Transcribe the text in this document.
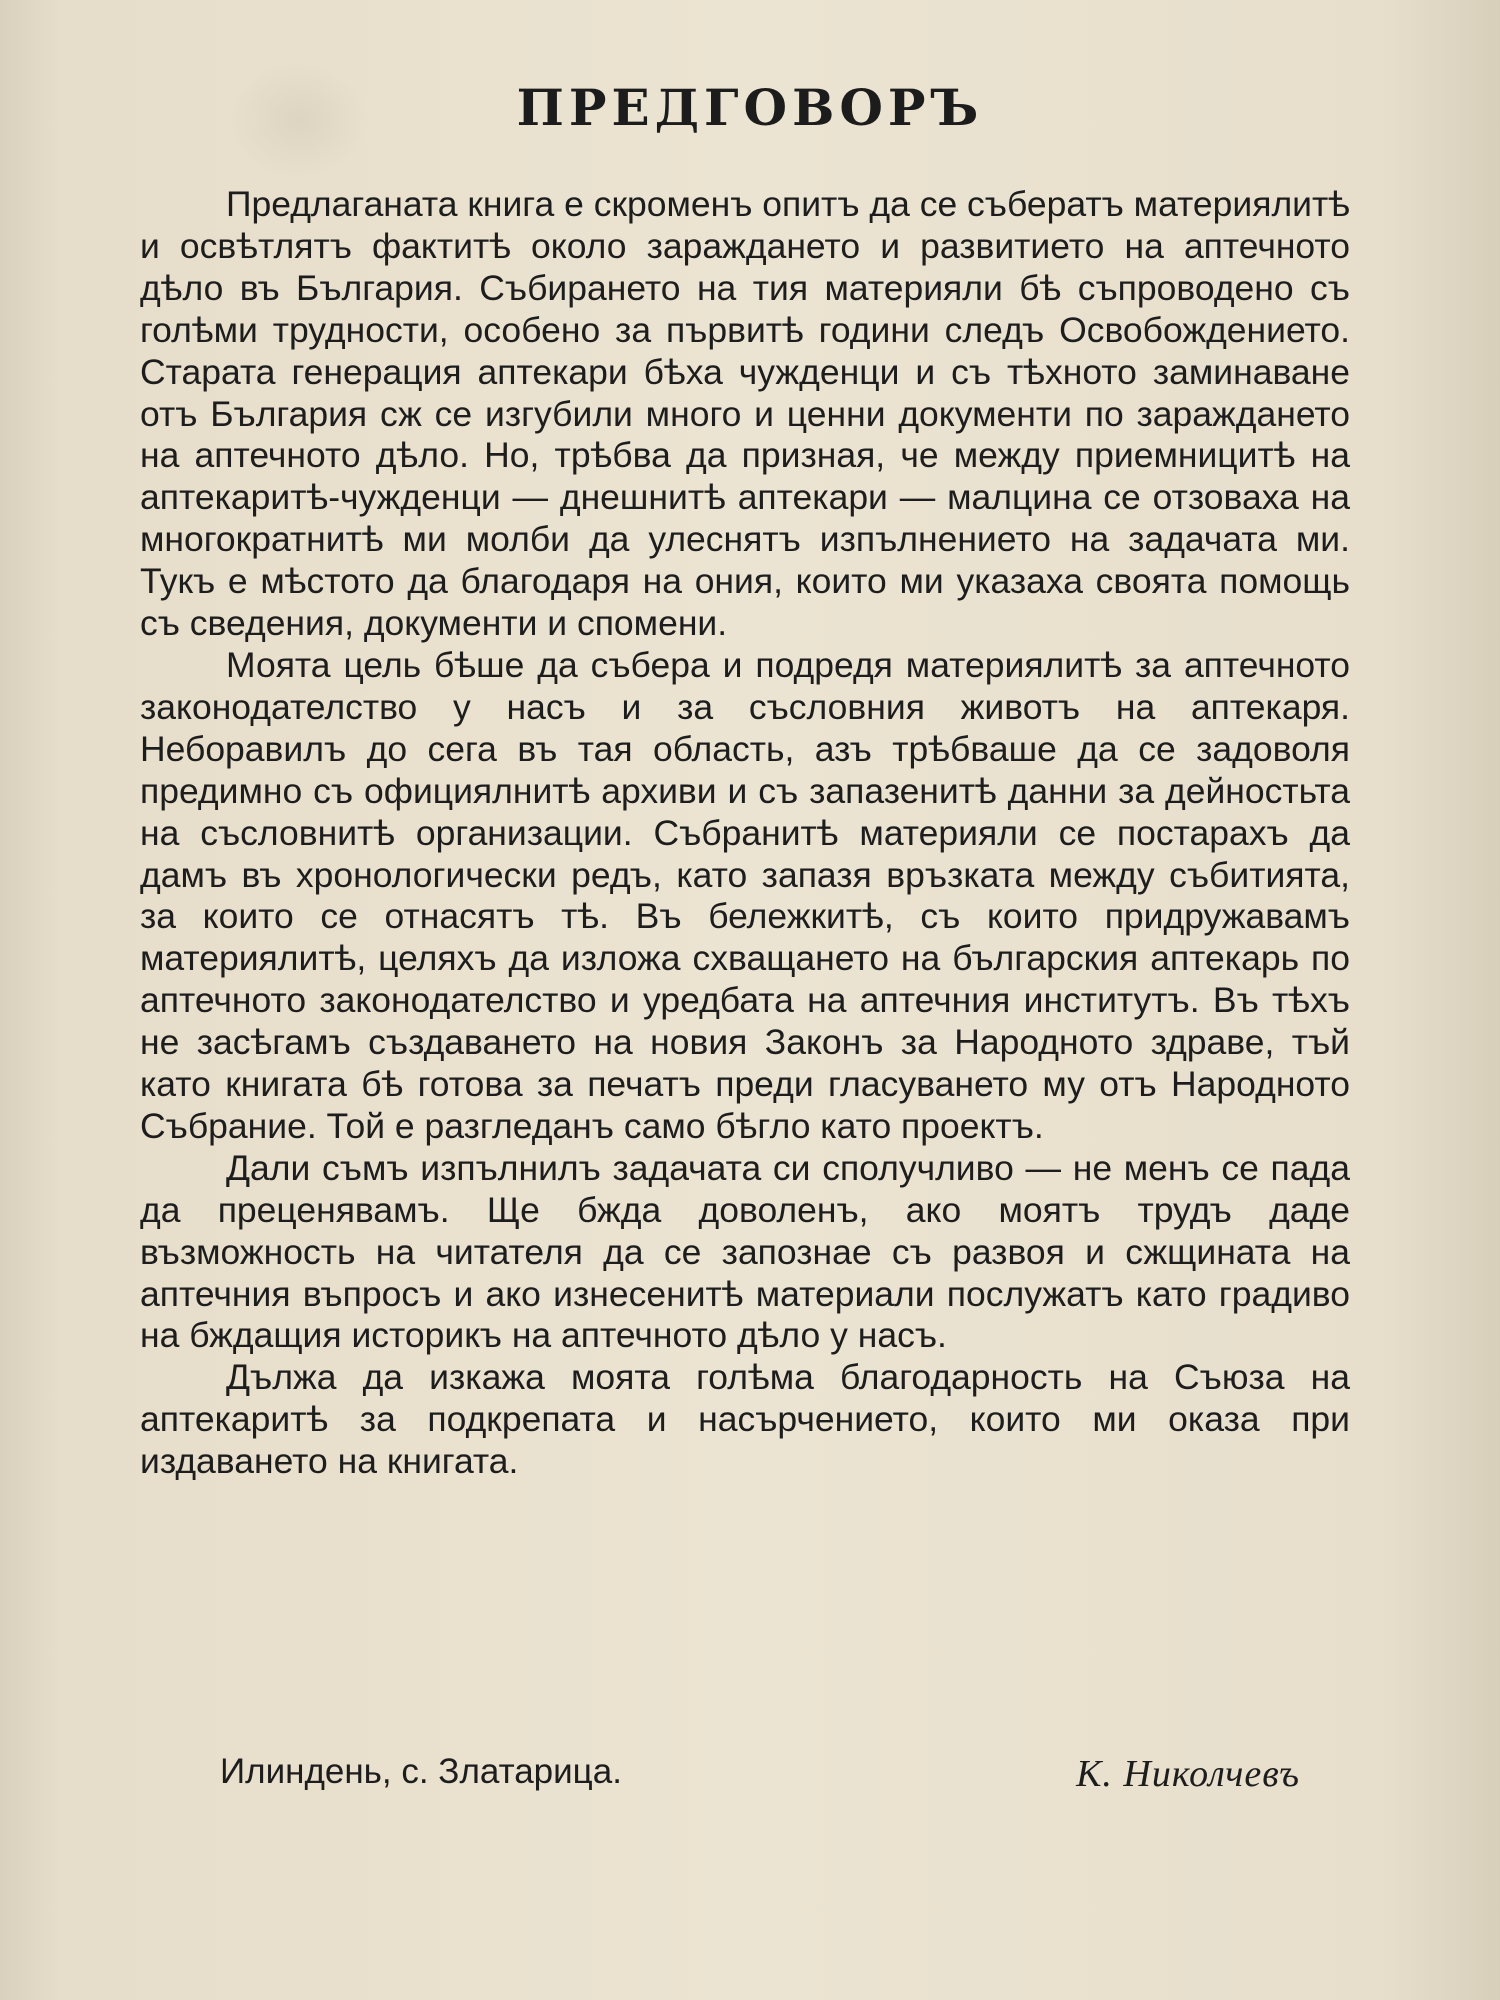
ПРЕДГОВОРЪ

Предлаганата книга е скроменъ опитъ да се събератъ материялитѣ и освѣтлятъ фактитѣ около зараждането и развитието на аптечното дѣло въ България. Събирането на тия материяли бѣ съпроводено съ голѣми трудности, особено за първитѣ години следъ Освобождението. Старата генерация аптекари бѣха чужденци и съ тѣхното заминаване отъ България сж се изгубили много и ценни документи по зараждането на аптечното дѣло. Но, трѣбва да призная, че между приемницитѣ на аптекаритѣ-чужденци — днешнитѣ аптекари — малцина се отзоваха на многократнитѣ ми молби да улеснятъ изпълнението на задачата ми. Тукъ е мѣстото да благодаря на ония, които ми указаха своята помощь съ сведения, документи и спомени.

Моята цель бѣше да събера и подредя материялитѣ за аптечното законодателство у насъ и за съсловния животъ на аптекаря. Неборавилъ до сега въ тая область, азъ трѣбваше да се задоволя предимно съ официялнитѣ архиви и съ запазенитѣ данни за дейностьта на съсловнитѣ организации. Събранитѣ материяли се постарахъ да дамъ въ хронологически редъ, като запазя връзката между събитията, за които се отнасятъ тѣ. Въ бележкитѣ, съ които придружавамъ материялитѣ, целяхъ да изложа схващането на българския аптекарь по аптечното законодателство и уредбата на аптечния институтъ. Въ тѣхъ не засѣгамъ създаването на новия Законъ за Народното здраве, тъй като книгата бѣ готова за печатъ преди гласуването му отъ Народното Събрание. Той е разгледанъ само бѣгло като проектъ.

Дали съмъ изпълнилъ задачата си сполучливо — не менъ се пада да преценявамъ. Ще бжда доволенъ, ако моятъ трудъ даде възможность на читателя да се запознае съ развоя и сжщината на аптечния въпросъ и ако изнесенитѣ материали послужатъ като градиво на бждащия историкъ на аптечното дѣло у насъ.

Дължа да изкажа моята голѣма благодарность на Съюза на аптекаритѣ за подкрепата и насърчението, които ми оказа при издаването на книгата.

Илиндень, с. Златарица.	К. Николчевъ
